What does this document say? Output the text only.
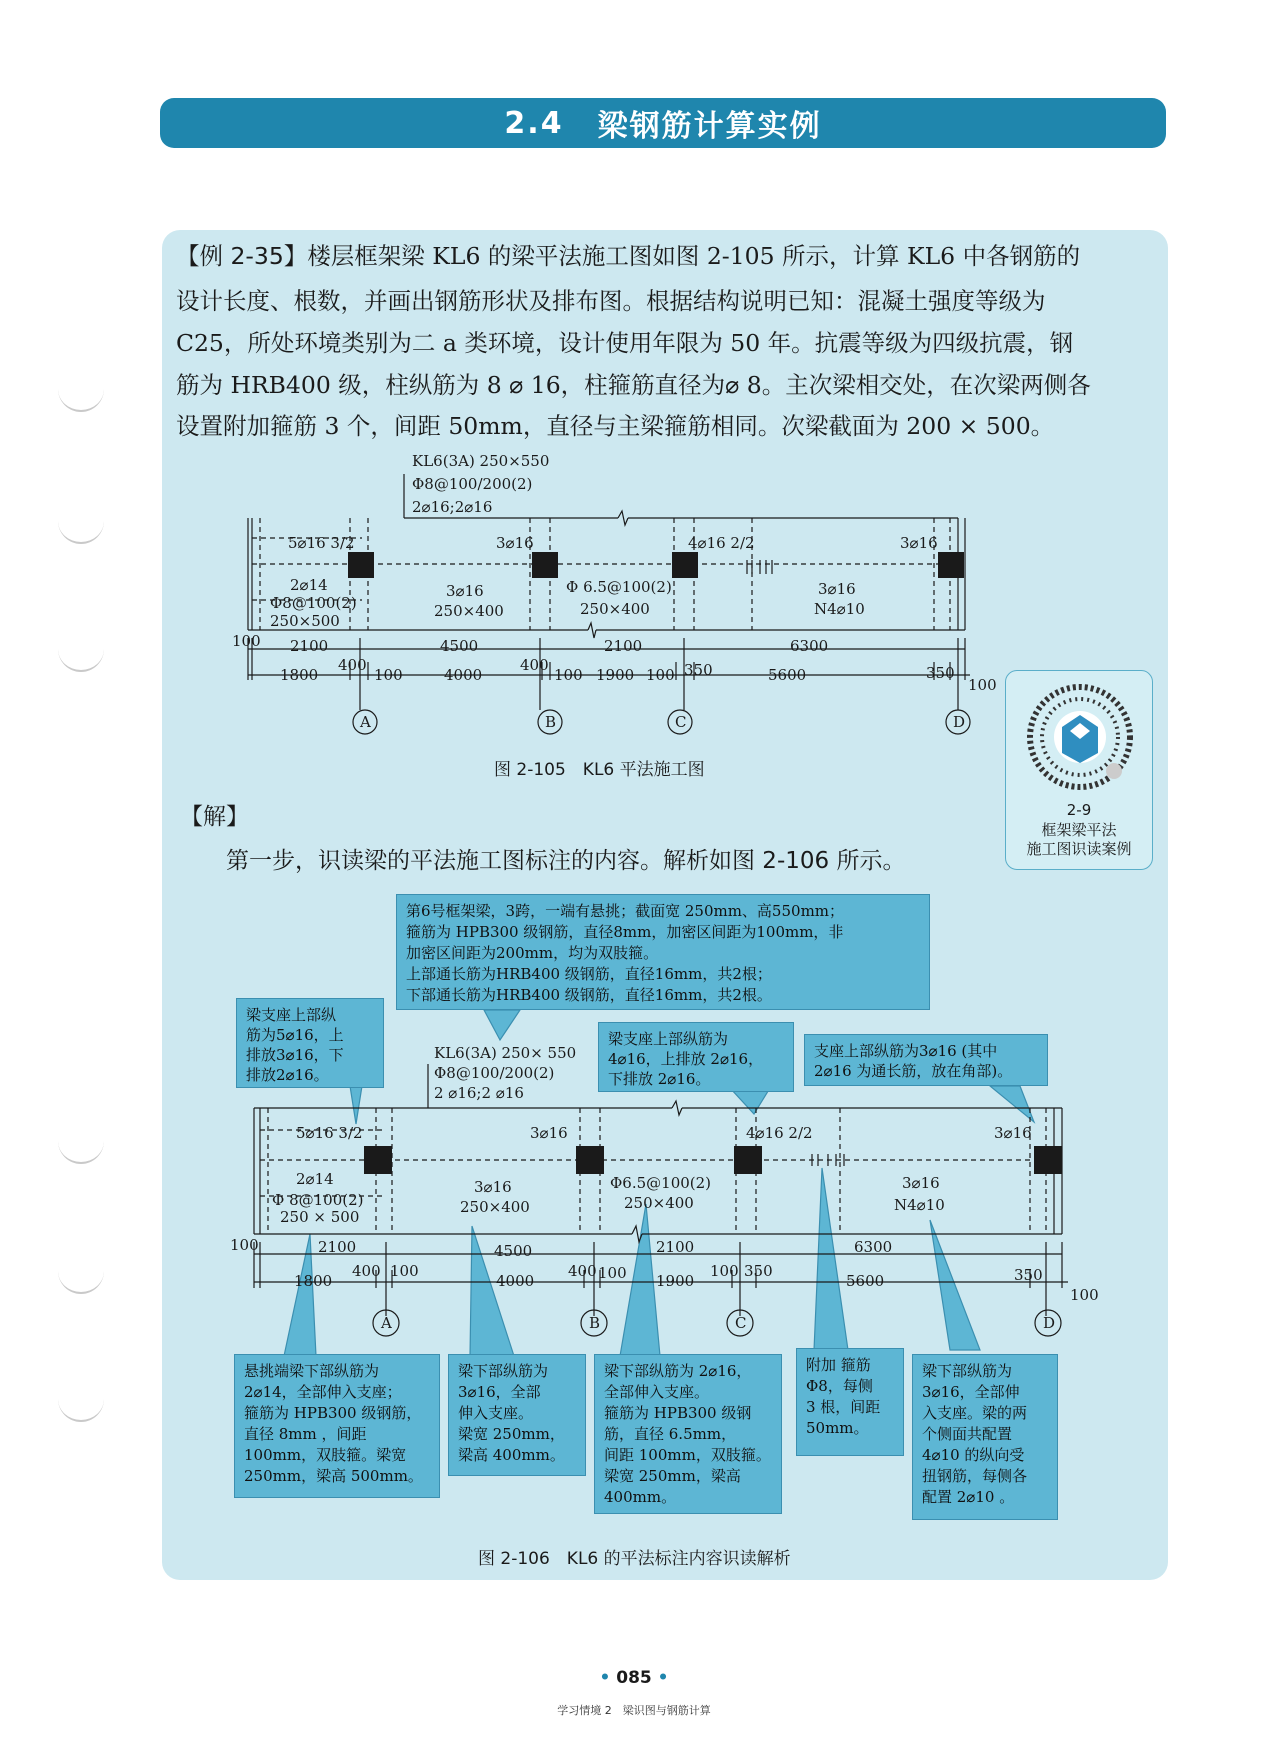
2.4 梁钢筋计算实例
【例 2-35】楼层框架梁 KL6 的梁平法施工图如图 2-105 所示，计算 KL6 中各钢筋的
设计长度、根数，并画出钢筋形状及排布图。根据结构说明已知：混凝土强度等级为
C25，所处环境类别为二 a 类环境，设计使用年限为 50 年。抗震等级为四级抗震，钢
筋为 HRB400 级，柱纵筋为 8 ⌀ 16，柱箍筋直径为⌀ 8。主次梁相交处，在次梁两侧各
设置附加箍筋 3 个，间距 50mm，直径与主梁箍筋相同。次梁截面为 200 × 500。
KL6(3A) 250×550
Φ8@100/200(2)
2⌀16;2⌀16
5⌀16 3/2	3⌀16	4⌀16 2/2	3⌀16
2⌀14
Φ8@100(2)
250×500
3⌀16
250×400
Φ 6.5@100(2)
250×400
3⌀16
N4⌀10
100 2100	4500	2100	6300
1800
400
100	4000
400
100 1900 100 350	5600	350
100
A	B	C	D
图 2-105　KL6 平法施工图
2-9
框架梁平法
施工图识读案例
【解】
第一步，识读梁的平法施工图标注的内容。解析如图 2-106 所示。
KL6(3A) 250× 550
Φ8@100/200(2)
2 ⌀16;2 ⌀16
5⌀16 3/2	3⌀16	4⌀16 2/2	3⌀16
2⌀14
Φ 8@100(2)
250 × 500
3⌀16
250×400
Φ6.5@100(2)
250×400
3⌀16
N4⌀10
100	2100	4500	2100	6300
1800
400 100
4000
400 100 1900
100 350
5600	350
100
A	B	C	D
第6号框架梁，3跨，一端有悬挑；截面宽 250mm、高550mm；
箍筋为 HPB300 级钢筋，直径8mm，加密区间距为100mm，非
加密区间距为200mm，均为双肢箍。
上部通长筋为HRB400 级钢筋，直径16mm，共2根；
下部通长筋为HRB400 级钢筋，直径16mm，共2根。
梁支座上部纵
筋为5⌀16，上
排放3⌀16，下
排放2⌀16。
梁支座上部纵筋为
4⌀16，上排放 2⌀16，
下排放 2⌀16。
支座上部纵筋为3⌀16 (其中
2⌀16 为通长筋，放在角部)。
悬挑端梁下部纵筋为
2⌀14，全部伸入支座；
箍筋为 HPB300 级钢筋，
直径 8mm ，间距
100mm，双肢箍。梁宽
250mm，梁高 500mm。
梁下部纵筋为
3⌀16，全部
伸入支座。
梁宽 250mm，
梁高 400mm。
梁下部纵筋为 2⌀16，
全部伸入支座。
箍筋为 HPB300 级钢
筋，直径 6.5mm，
间距 100mm，双肢箍。
梁宽 250mm，梁高
400mm。
附加 箍筋
Φ8，每侧
3 根，间距
50mm。
梁下部纵筋为
3⌀16，全部伸
入支座。梁的两
个侧面共配置
4⌀10 的纵向受
扭钢筋，每侧各
配置 2⌀10 。
图 2-106　KL6 的平法标注内容识读解析
• 085 •
学习情境 2　梁识图与钢筋计算
